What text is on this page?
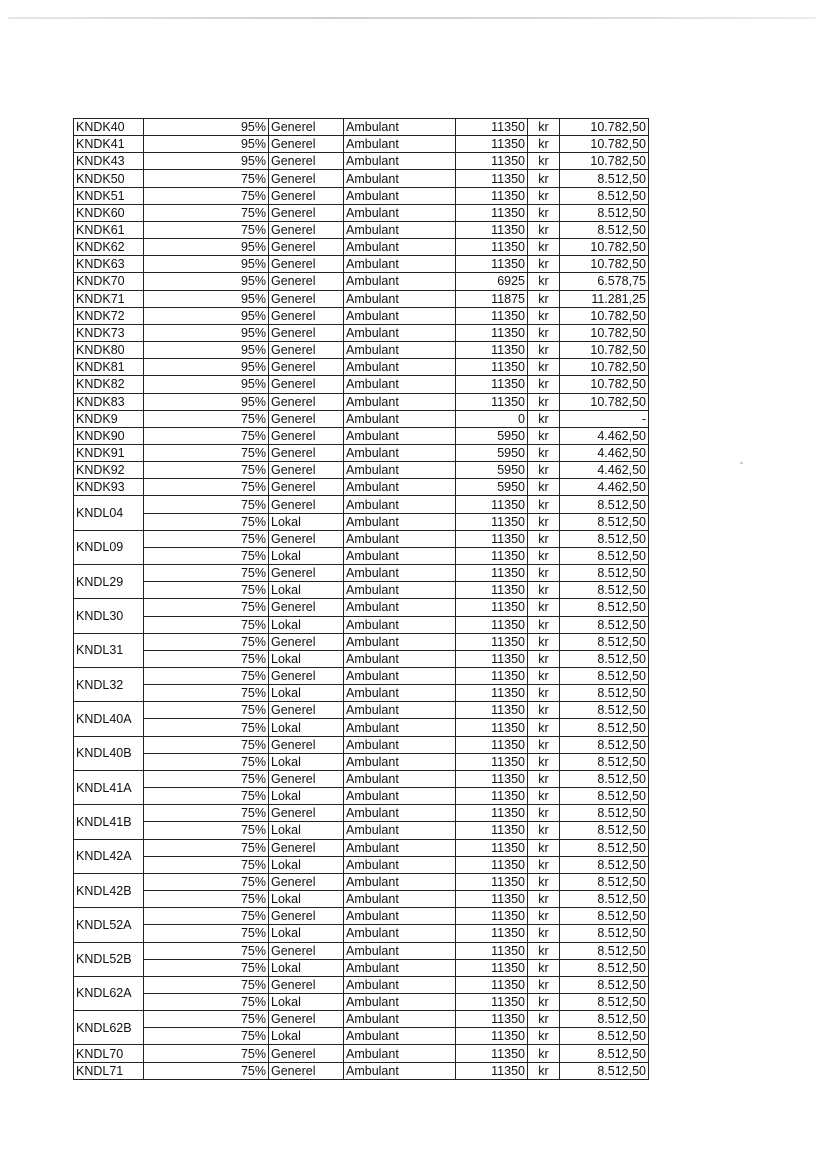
KNDK40	95%	Generel	Ambulant	11350	kr	10.782,50
KNDK41	95%	Generel	Ambulant	11350	kr	10.782,50
KNDK43	95%	Generel	Ambulant	11350	kr	10.782,50
KNDK50	75%	Generel	Ambulant	11350	kr	8.512,50
KNDK51	75%	Generel	Ambulant	11350	kr	8.512,50
KNDK60	75%	Generel	Ambulant	11350	kr	8.512,50
KNDK61	75%	Generel	Ambulant	11350	kr	8.512,50
KNDK62	95%	Generel	Ambulant	11350	kr	10.782,50
KNDK63	95%	Generel	Ambulant	11350	kr	10.782,50
KNDK70	95%	Generel	Ambulant	6925	kr	6.578,75
KNDK71	95%	Generel	Ambulant	11875	kr	11.281,25
KNDK72	95%	Generel	Ambulant	11350	kr	10.782,50
KNDK73	95%	Generel	Ambulant	11350	kr	10.782,50
KNDK80	95%	Generel	Ambulant	11350	kr	10.782,50
KNDK81	95%	Generel	Ambulant	11350	kr	10.782,50
KNDK82	95%	Generel	Ambulant	11350	kr	10.782,50
KNDK83	95%	Generel	Ambulant	11350	kr	10.782,50
KNDK9	75%	Generel	Ambulant	0	kr	-
KNDK90	75%	Generel	Ambulant	5950	kr	4.462,50
KNDK91	75%	Generel	Ambulant	5950	kr	4.462,50
KNDK92	75%	Generel	Ambulant	5950	kr	4.462,50
KNDK93	75%	Generel	Ambulant	5950	kr	4.462,50
KNDL04	75%	Generel	Ambulant	11350	kr	8.512,50
	75%	Lokal	Ambulant	11350	kr	8.512,50
KNDL09	75%	Generel	Ambulant	11350	kr	8.512,50
	75%	Lokal	Ambulant	11350	kr	8.512,50
KNDL29	75%	Generel	Ambulant	11350	kr	8.512,50
	75%	Lokal	Ambulant	11350	kr	8.512,50
KNDL30	75%	Generel	Ambulant	11350	kr	8.512,50
	75%	Lokal	Ambulant	11350	kr	8.512,50
KNDL31	75%	Generel	Ambulant	11350	kr	8.512,50
	75%	Lokal	Ambulant	11350	kr	8.512,50
KNDL32	75%	Generel	Ambulant	11350	kr	8.512,50
	75%	Lokal	Ambulant	11350	kr	8.512,50
KNDL40A	75%	Generel	Ambulant	11350	kr	8.512,50
	75%	Lokal	Ambulant	11350	kr	8.512,50
KNDL40B	75%	Generel	Ambulant	11350	kr	8.512,50
	75%	Lokal	Ambulant	11350	kr	8.512,50
KNDL41A	75%	Generel	Ambulant	11350	kr	8.512,50
	75%	Lokal	Ambulant	11350	kr	8.512,50
KNDL41B	75%	Generel	Ambulant	11350	kr	8.512,50
	75%	Lokal	Ambulant	11350	kr	8.512,50
KNDL42A	75%	Generel	Ambulant	11350	kr	8.512,50
	75%	Lokal	Ambulant	11350	kr	8.512,50
KNDL42B	75%	Generel	Ambulant	11350	kr	8.512,50
	75%	Lokal	Ambulant	11350	kr	8.512,50
KNDL52A	75%	Generel	Ambulant	11350	kr	8.512,50
	75%	Lokal	Ambulant	11350	kr	8.512,50
KNDL52B	75%	Generel	Ambulant	11350	kr	8.512,50
	75%	Lokal	Ambulant	11350	kr	8.512,50
KNDL62A	75%	Generel	Ambulant	11350	kr	8.512,50
	75%	Lokal	Ambulant	11350	kr	8.512,50
KNDL62B	75%	Generel	Ambulant	11350	kr	8.512,50
	75%	Lokal	Ambulant	11350	kr	8.512,50
KNDL70	75%	Generel	Ambulant	11350	kr	8.512,50
KNDL71	75%	Generel	Ambulant	11350	kr	8.512,50
